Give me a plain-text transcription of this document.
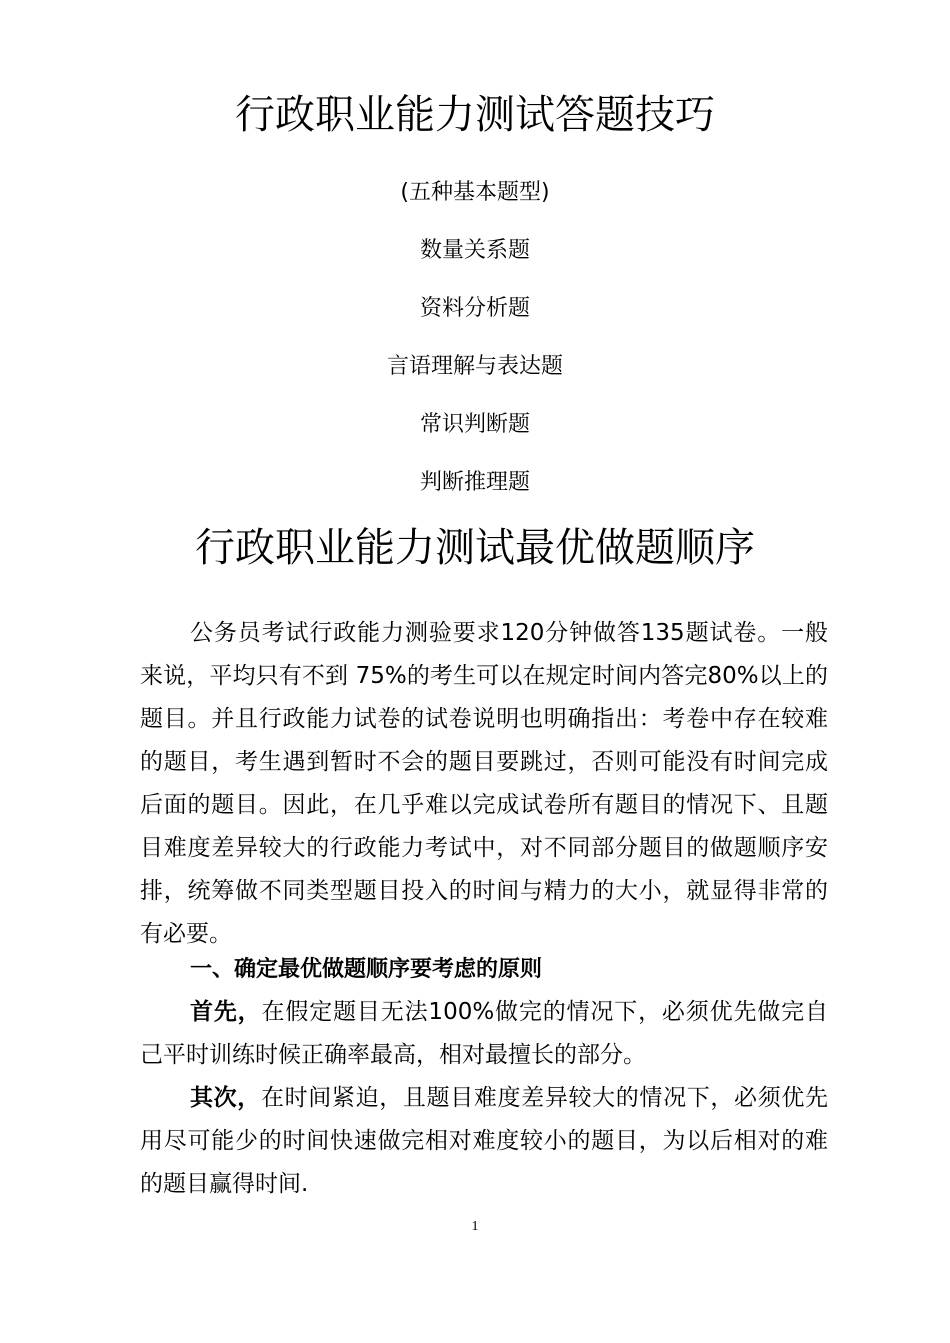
行政职业能力测试答题技巧

(五种基本题型)

数量关系题

资料分析题

言语理解与表达题

常识判断题

判断推理题

行政职业能力测试最优做题顺序

公务员考试行政能力测验要求120分钟做答135题试卷。一般来说，平均只有不到 75%的考生可以在规定时间内答完80%以上的题目。并且行政能力试卷的试卷说明也明确指出：考卷中存在较难的题目，考生遇到暂时不会的题目要跳过，否则可能没有时间完成后面的题目。因此，在几乎难以完成试卷所有题目的情况下、且题目难度差异较大的行政能力考试中，对不同部分题目的做题顺序安排，统筹做不同类型题目投入的时间与精力的大小，就显得非常的有必要。

一、确定最优做题顺序要考虑的原则

首先，在假定题目无法100%做完的情况下，必须优先做完自己平时训练时候正确率最高，相对最擅长的部分。

其次，在时间紧迫，且题目难度差异较大的情况下，必须优先用尽可能少的时间快速做完相对难度较小的题目，为以后相对的难的题目赢得时间.

1
